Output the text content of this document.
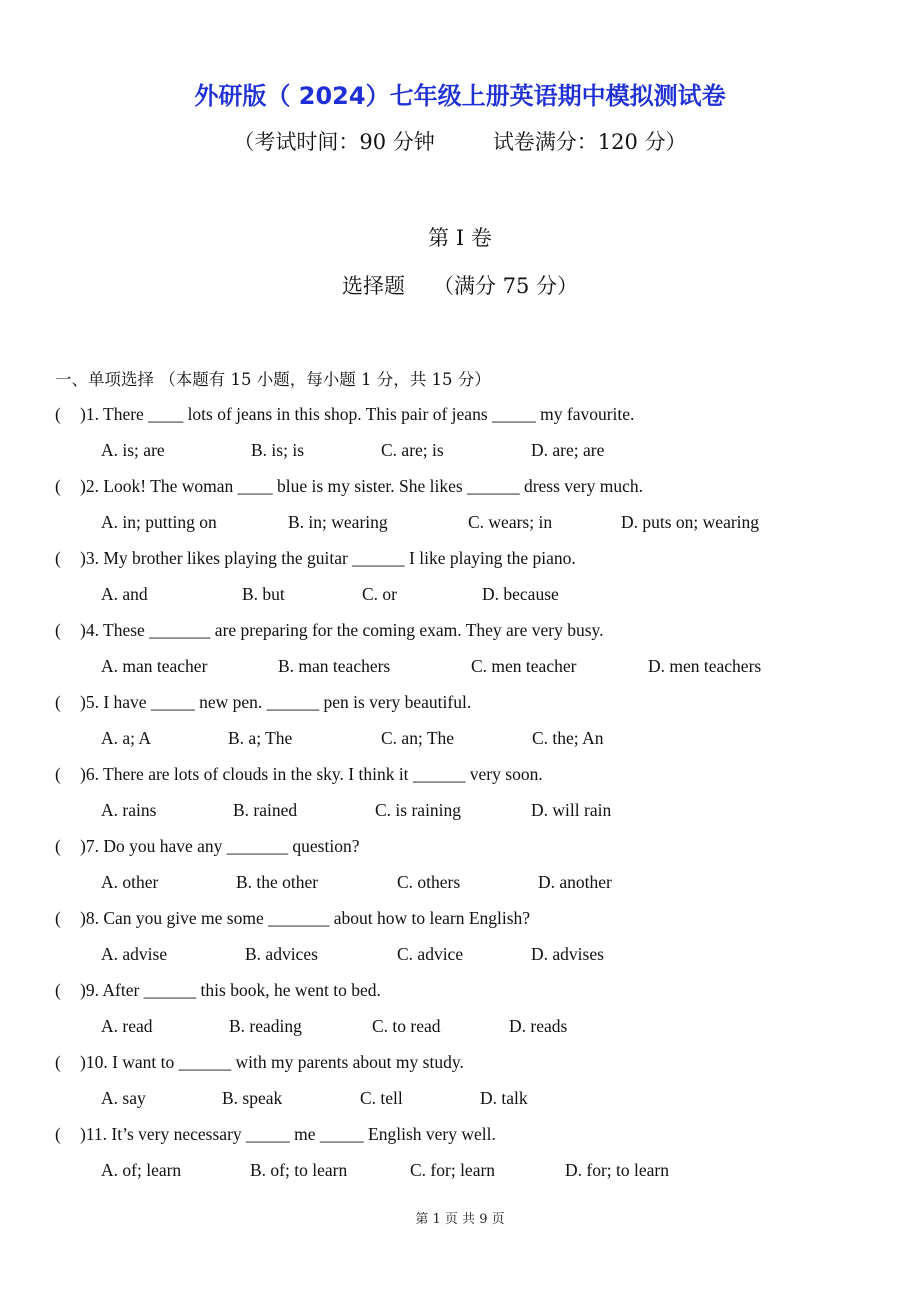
外研版（ 2024）七年级上册英语期中模拟测试卷
（考试时间：90 分钟	试卷满分：120 分）
第 I 卷
选择题 （满分 75 分）
一、单项选择 （本题有 15 小题，每小题 1 分，共 15 分）
( )1. There ____ lots of jeans in this shop. This pair of jeans _____ my favourite.
A. is; are	B. is; is	C. are; is	D. are; are
( )2. Look! The woman ____ blue is my sister. She likes ______ dress very much.
A. in; putting on	B. in; wearing	C. wears; in	D. puts on; wearing
( )3. My brother likes playing the guitar ______ I like playing the piano.
A. and	B. but	C. or	D. because
( )4. These _______ are preparing for the coming exam. They are very busy.
A. man teacher	B. man teachers	C. men teacher	D. men teachers
( )5. I have _____ new pen. ______ pen is very beautiful.
A. a; A	B. a; The	C. an; The	C. the; An
( )6. There are lots of clouds in the sky. I think it ______ very soon.
A. rains	B. rained	C. is raining	D. will rain
( )7. Do you have any _______ question?
A. other	B. the other	C. others	D. another
( )8. Can you give me some _______ about how to learn English?
A. advise	B. advices	C. advice	D. advises
( )9. After ______ this book, he went to bed.
A. read	B. reading	C. to read	D. reads
( )10. I want to ______ with my parents about my study.
A. say	B. speak	C. tell	D. talk
( )11. It’s very necessary _____ me _____ English very well.
A. of; learn	B. of; to learn	C. for; learn	D. for; to learn
第 1 页 共 9 页
